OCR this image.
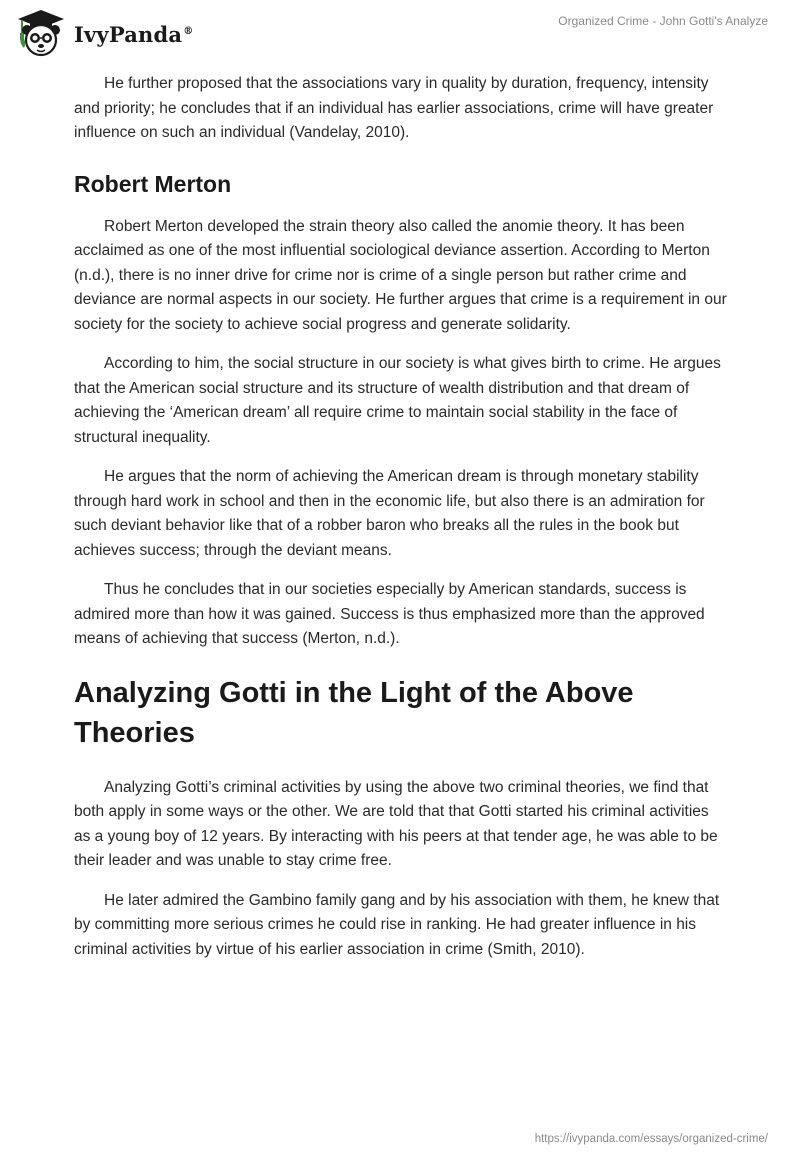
IvyPanda®
Organized Crime - John Gotti's Analyze

He further proposed that the associations vary in quality by duration, frequency, intensity and priority; he concludes that if an individual has earlier associations, crime will have greater influence on such an individual (Vandelay, 2010).

Robert Merton

Robert Merton developed the strain theory also called the anomie theory. It has been acclaimed as one of the most influential sociological deviance assertion. According to Merton (n.d.), there is no inner drive for crime nor is crime of a single person but rather crime and deviance are normal aspects in our society. He further argues that crime is a requirement in our society for the society to achieve social progress and generate solidarity.

According to him, the social structure in our society is what gives birth to crime. He argues that the American social structure and its structure of wealth distribution and that dream of achieving the ‘American dream’ all require crime to maintain social stability in the face of structural inequality.

He argues that the norm of achieving the American dream is through monetary stability through hard work in school and then in the economic life, but also there is an admiration for such deviant behavior like that of a robber baron who breaks all the rules in the book but achieves success; through the deviant means.

Thus he concludes that in our societies especially by American standards, success is admired more than how it was gained. Success is thus emphasized more than the approved means of achieving that success (Merton, n.d.).

Analyzing Gotti in the Light of the Above Theories

Analyzing Gotti’s criminal activities by using the above two criminal theories, we find that both apply in some ways or the other. We are told that that Gotti started his criminal activities as a young boy of 12 years. By interacting with his peers at that tender age, he was able to be their leader and was unable to stay crime free.

He later admired the Gambino family gang and by his association with them, he knew that by committing more serious crimes he could rise in ranking. He had greater influence in his criminal activities by virtue of his earlier association in crime (Smith, 2010).

https://ivypanda.com/essays/organized-crime/
